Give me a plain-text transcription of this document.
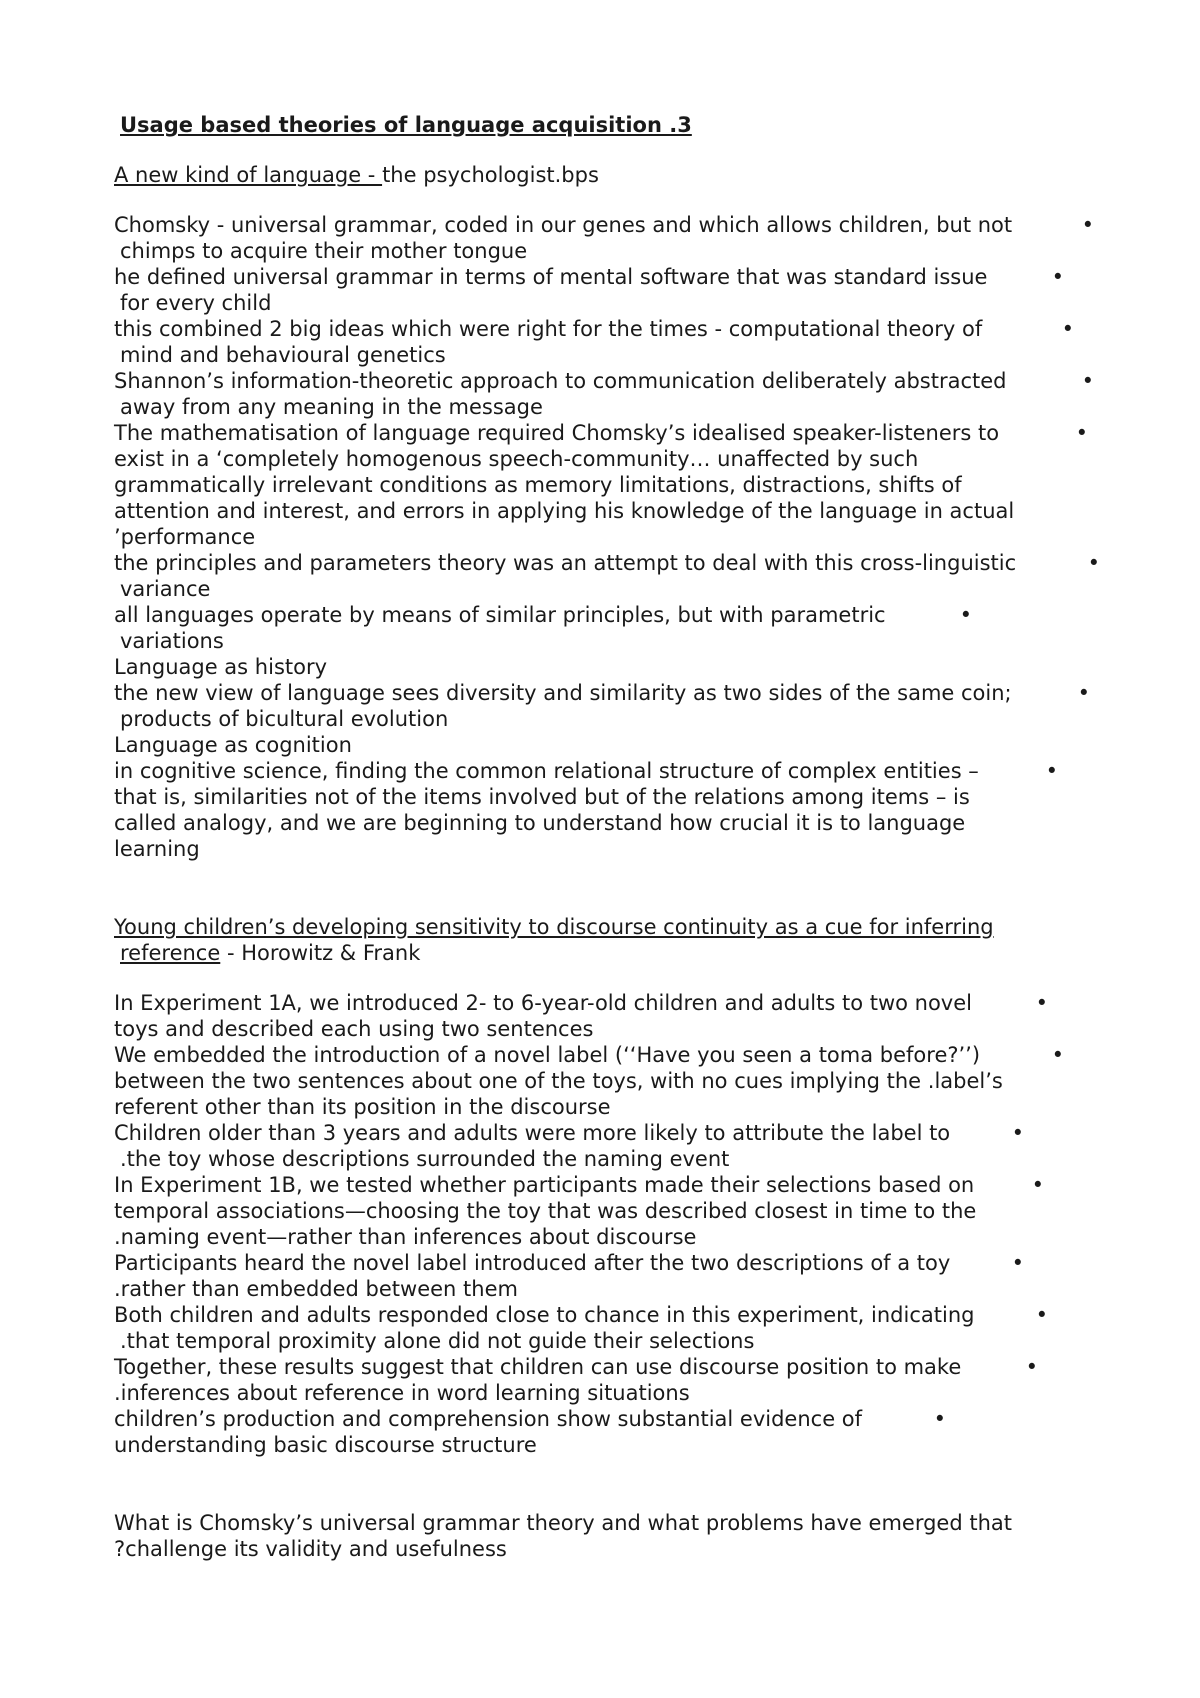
Usage based theories of language acquisition .3
A new kind of language - the psychologist.bps
Chomsky - universal grammar, coded in our genes and which allows children, but not
chimps to acquire their mother tongue
•
he defined universal grammar in terms of mental software that was standard issue
for every child
•
this combined 2 big ideas which were right for the times - computational theory of
mind and behavioural genetics
•
Shannon’s information-theoretic approach to communication deliberately abstracted
away from any meaning in the message
•
The mathematisation of language required Chomsky’s idealised speaker-listeners to
exist in a ‘completely homogenous speech-community… unaffected by such grammatically irrelevant conditions as memory limitations, distractions, shifts of attention and interest, and errors in applying his knowledge of the language in actual ’performance
•
the principles and parameters theory was an attempt to deal with this cross-linguistic
variance
•
all languages operate by means of similar principles, but with parametric
variations
•
Language as history
the new view of language sees diversity and similarity as two sides of the same coin;
products of bicultural evolution
•
Language as cognition
in cognitive science, finding the common relational structure of complex entities –
that is, similarities not of the items involved but of the relations among items – is called analogy, and we are beginning to understand how crucial it is to language learning
•
Young children’s developing sensitivity to discourse continuity as a cue for inferring
reference - Horowitz & Frank
In Experiment 1A, we introduced 2- to 6-year-old children and adults to two novel
toys and described each using two sentences
•
We embedded the introduction of a novel label (‘‘Have you seen a toma before?’’)
between the two sentences about one of the toys, with no cues implying the .label’s referent other than its position in the discourse
•
Children older than 3 years and adults were more likely to attribute the label to
.the toy whose descriptions surrounded the naming event
•
In Experiment 1B, we tested whether participants made their selections based on
temporal associations—choosing the toy that was described closest in time to the .naming event—rather than inferences about discourse
•
Participants heard the novel label introduced after the two descriptions of a toy
.rather than embedded between them
•
Both children and adults responded close to chance in this experiment, indicating
.that temporal proximity alone did not guide their selections
•
Together, these results suggest that children can use discourse position to make
.inferences about reference in word learning situations
•
children’s production and comprehension show substantial evidence of
understanding basic discourse structure
•
What is Chomsky’s universal grammar theory and what problems have emerged that
?challenge its validity and usefulness
